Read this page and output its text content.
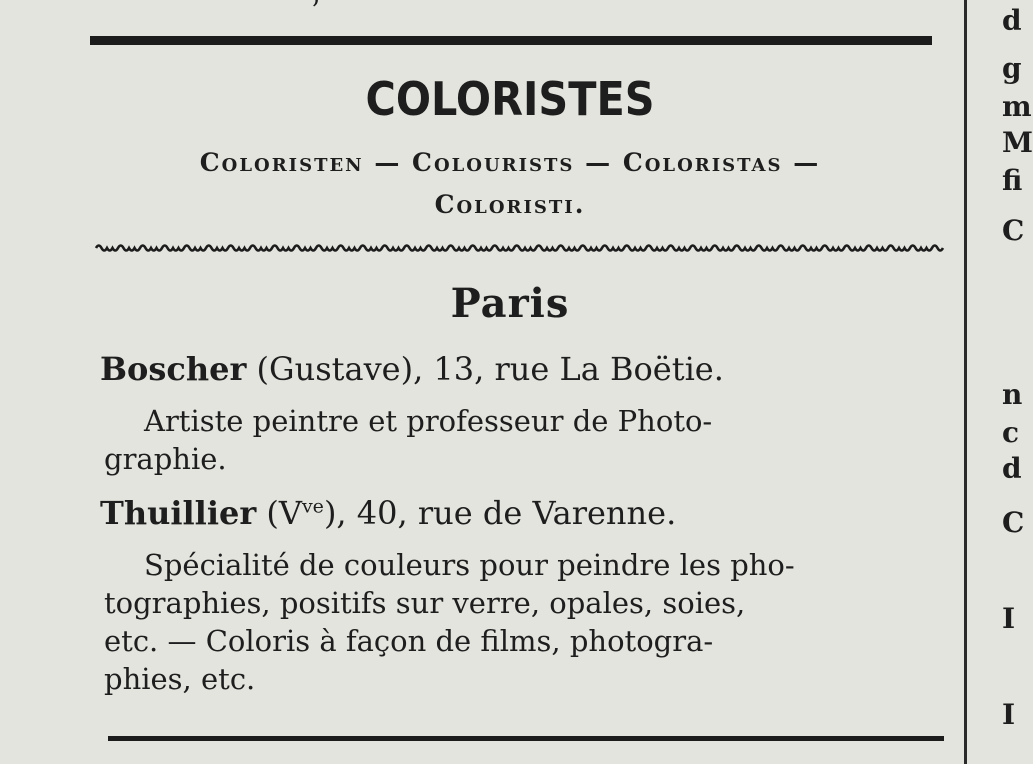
COLORISTES
Coloristen — Colourists — Coloristas —
Coloristi.
Paris
Boscher (Gustave), 13, rue La Boëtie.
Artiste peintre et professeur de Photo-
graphie.
Thuillier $(V^{ve})$, 40, rue de Varenne.
Spécialité de couleurs pour peindre les pho-
tographies, positifs sur verre, opales, soies,
etc. — Coloris à façon de films, photogra-
phies, etc.
d
g
m
M
fi
C
n
c
d
C
I
I
